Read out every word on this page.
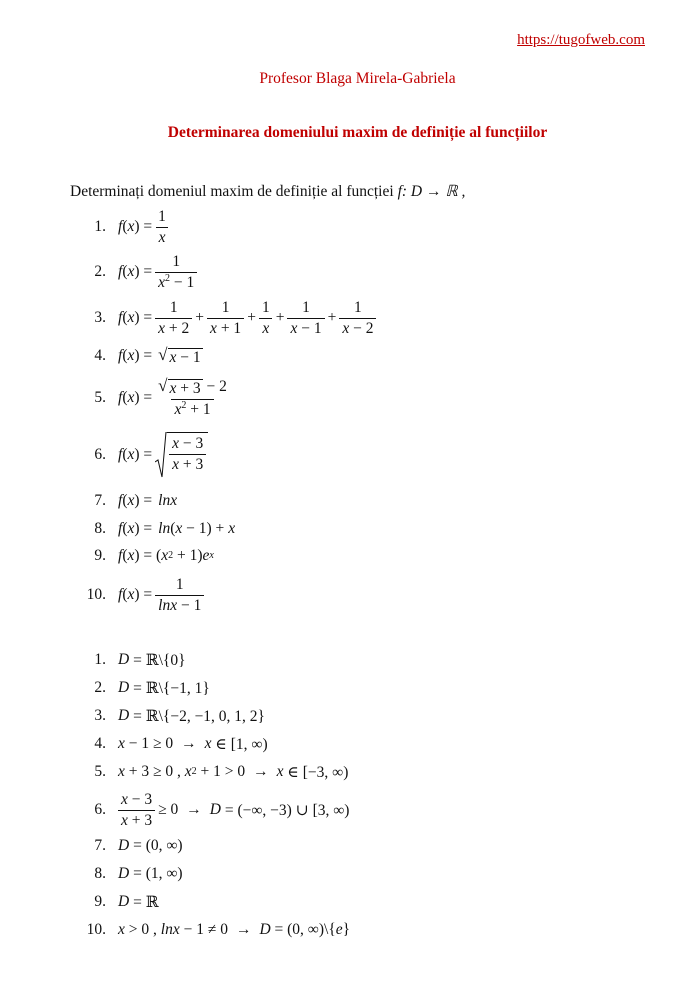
https://tugofweb.com
Profesor Blaga Mirela-Gabriela
Determinarea domeniului maxim de definiție al funcțiilor
Determinați domeniul maxim de definiție al funcției f: D → ℝ ,
1. f ( x ) = $\frac{1}{x}$
2. f ( x ) = $\frac{1}{x^2 - 1}$
3. f ( x ) = $\frac{1}{x + 2} + \frac{1}{x + 1} + \frac{1}{x} + \frac{1}{x - 1} + \frac{1}{x - 2}$
4. f ( x ) = √ x − 1
5. f ( x ) = $\frac{√ x + 3 - 2}{x^2 + 1}$
6. f ( x ) = $\frac{x - 3}{x + 3}$
7. f ( x ) = lnx
8. f ( x ) = ln ( x − 1) + x
9. f ( x ) = ( x 2 + 1) e x
10. f ( x ) = $\frac{1}{\ln x - 1}$
1. D = ℝ\{0}
2. D = ℝ\{−1, 1}
3. D = ℝ\{−2, −1, 0, 1, 2}
4. x − 1 ≥ 0 → x ∈ [1, ∞)
5. x + 3 ≥ 0 , x 2 + 1 > 0 → x ∈ [−3, ∞)
6. $\frac{x - 3}{x + 3} \ge 0 \to D$ = (−∞, −3) ∪ [3, ∞)
7. D = (0, ∞)
8. D = (1, ∞)
9. D = ℝ
10. x > 0 , lnx − 1 ≠ 0 → D = (0, ∞)\{ e }
